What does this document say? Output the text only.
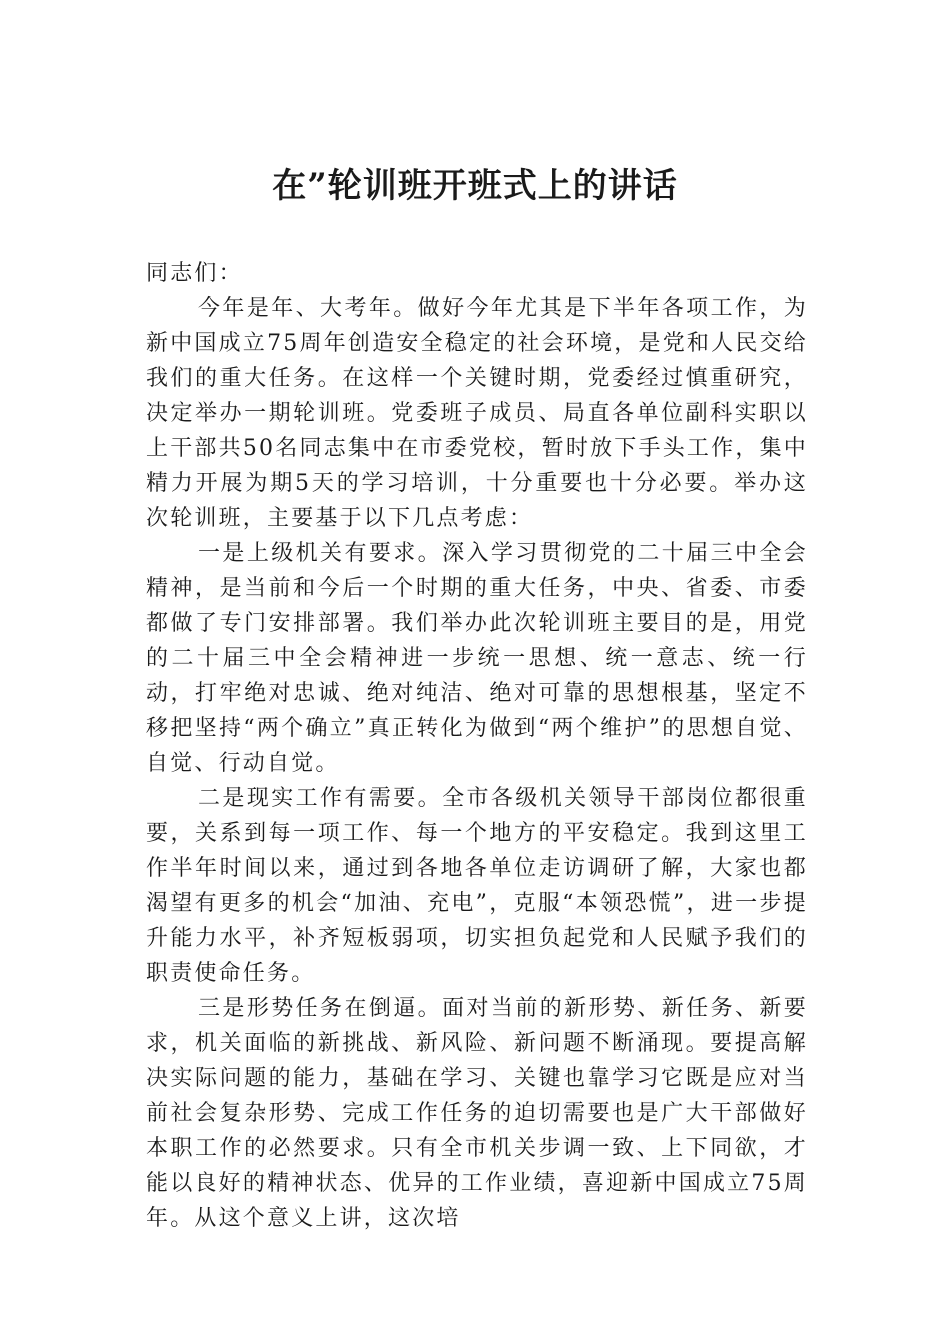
在”轮训班开班式上的讲话

同志们：

今年是年、大考年。做好今年尤其是下半年各项工作，为新中国成立75周年创造安全稳定的社会环境，是党和人民交给我们的重大任务。在这样一个关键时期，党委经过慎重研究，决定举办一期轮训班。党委班子成员、局直各单位副科实职以上干部共50名同志集中在市委党校，暂时放下手头工作，集中精力开展为期5天的学习培训，十分重要也十分必要。举办这次轮训班，主要基于以下几点考虑：

一是上级机关有要求。深入学习贯彻党的二十届三中全会精神，是当前和今后一个时期的重大任务，中央、省委、市委都做了专门安排部署。我们举办此次轮训班主要目的是，用党的二十届三中全会精神进一步统一思想、统一意志、统一行动，打牢绝对忠诚、绝对纯洁、绝对可靠的思想根基，坚定不移把坚持“两个确立”真正转化为做到“两个维护”的思想自觉、自觉、行动自觉。

二是现实工作有需要。全市各级机关领导干部岗位都很重要，关系到每一项工作、每一个地方的平安稳定。我到这里工作半年时间以来，通过到各地各单位走访调研了解，大家也都渴望有更多的机会“加油、充电”，克服“本领恐慌”，进一步提升能力水平，补齐短板弱项，切实担负起党和人民赋予我们的职责使命任务。

三是形势任务在倒逼。面对当前的新形势、新任务、新要求，机关面临的新挑战、新风险、新问题不断涌现。要提高解决实际问题的能力，基础在学习、关键也靠学习它既是应对当前社会复杂形势、完成工作任务的迫切需要也是广大干部做好本职工作的必然要求。只有全市机关步调一致、上下同欲，才能以良好的精神状态、优异的工作业绩，喜迎新中国成立75周年。从这个意义上讲，这次培
